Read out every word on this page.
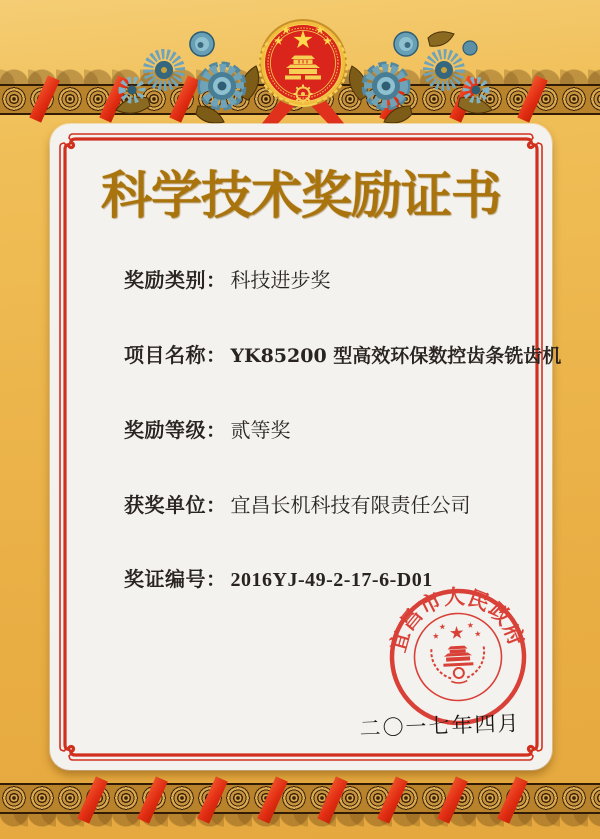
科学技术奖励证书
奖励类别： 科技进步奖
项目名称： YK85200 型高效环保数控齿条铣齿机
奖励等级： 贰等奖
获奖单位： 宜昌长机科技有限责任公司
奖证编号： 2016YJ-49-2-17-6-D01
宜昌市人民政府
二〇一七年四月
